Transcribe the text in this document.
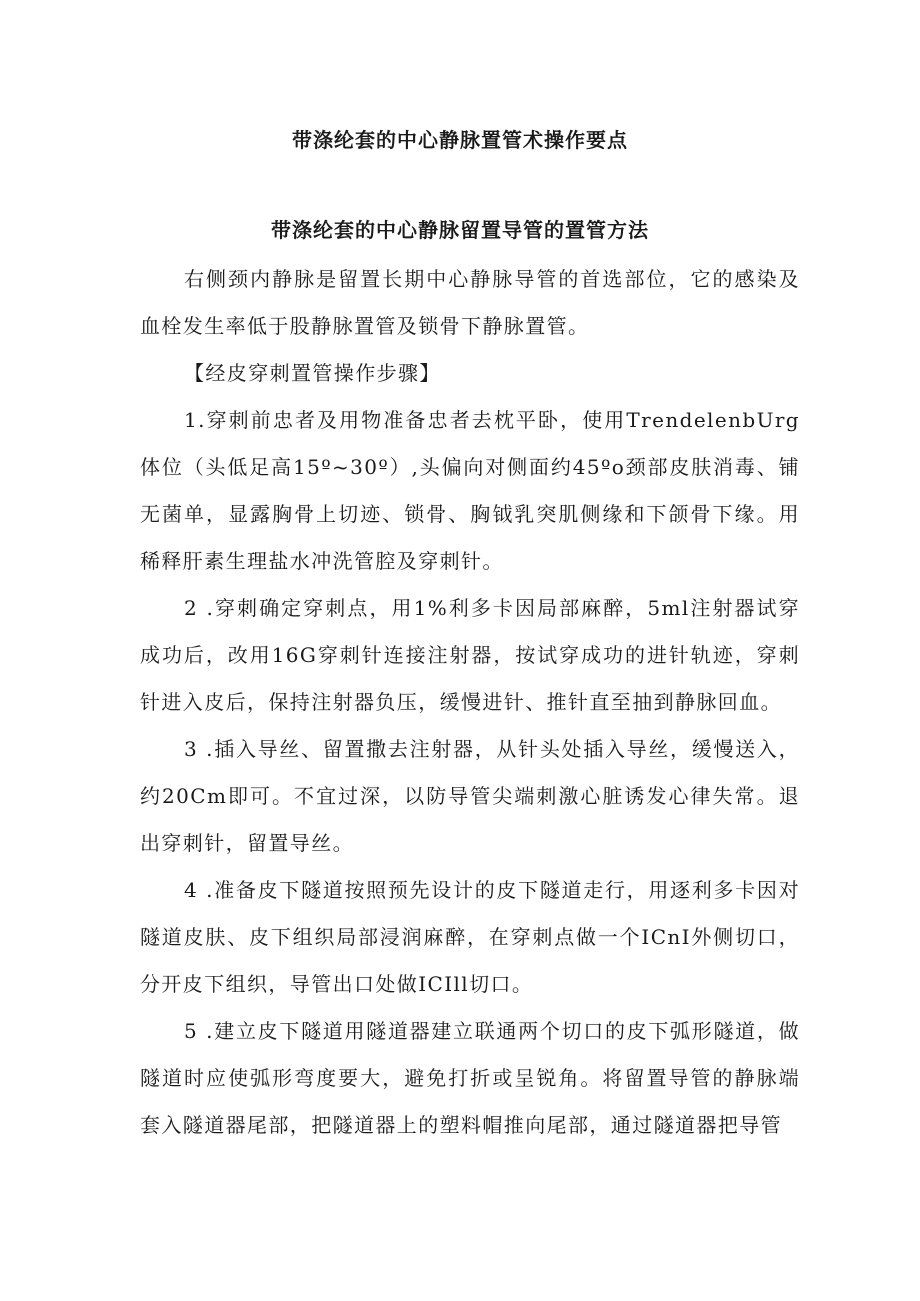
带涤纶套的中心静脉置管术操作要点
带涤纶套的中心静脉留置导管的置管方法

右侧颈内静脉是留置长期中心静脉导管的首选部位，它的感染及血栓发生率低于股静脉置管及锁骨下静脉置管。

【经皮穿刺置管操作步骤】

1.穿刺前忠者及用物准备忠者去枕平卧，使用TrendelenbUrg体位（头低足高15º~30º）,头偏向对侧面约45ºo颈部皮肤消毒、铺无菌单，显露胸骨上切迹、锁骨、胸钺乳突肌侧缘和下颌骨下缘。用稀释肝素生理盐水冲洗管腔及穿刺针。

2 .穿刺确定穿刺点，用1%利多卡因局部麻醉，5ml注射器试穿成功后，改用16G穿刺针连接注射器，按试穿成功的进针轨迹，穿刺针进入皮后，保持注射器负压，缓慢进针、推针直至抽到静脉回血。

3 .插入导丝、留置撒去注射器，从针头处插入导丝，缓慢送入，约20Cm即可。不宜过深，以防导管尖端刺激心脏诱发心律失常。退出穿刺针，留置导丝。

4 .准备皮下隧道按照预先设计的皮下隧道走行，用逐利多卡因对隧道皮肤、皮下组织局部浸润麻醉，在穿刺点做一个ICnI外侧切口，分开皮下组织，导管出口处做ICIll切口。

5 .建立皮下隧道用隧道器建立联通两个切口的皮下弧形隧道，做隧道时应使弧形弯度要大，避免打折或呈锐角。将留置导管的静脉端套入隧道器尾部，把隧道器上的塑料帽推向尾部，通过隧道器把导管
